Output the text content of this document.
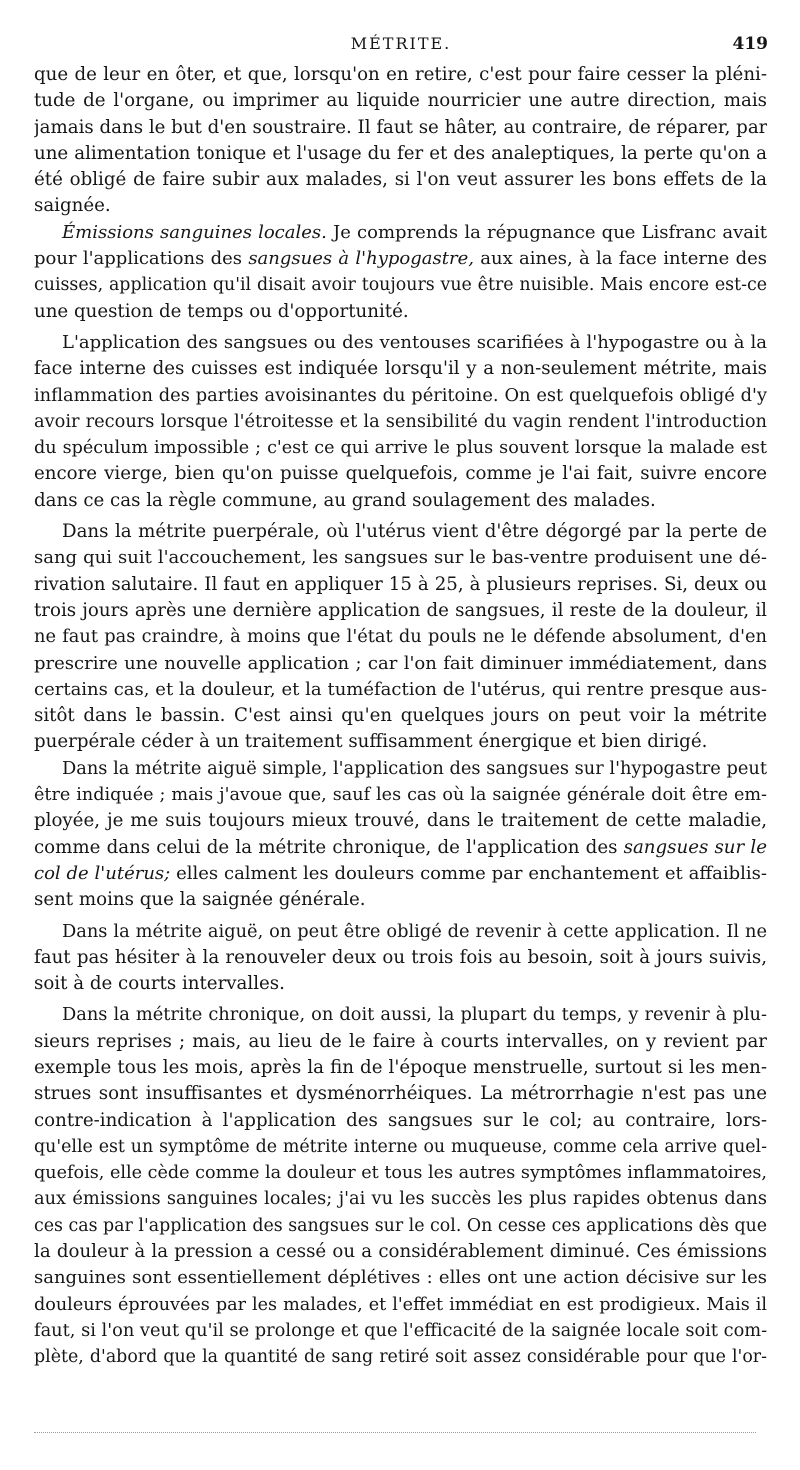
MÉTRITE.	419
que de leur en ôter, et que, lorsqu'on en retire, c'est pour faire cesser la pléni-
tude de l'organe, ou imprimer au liquide nourricier une autre direction, mais
jamais dans le but d'en soustraire. Il faut se hâter, au contraire, de réparer, par
une alimentation tonique et l'usage du fer et des analeptiques, la perte qu'on a
été obligé de faire subir aux malades, si l'on veut assurer les bons effets de la
saignée.
Émissions sanguines locales. Je comprends la répugnance que Lisfranc avait
pour l'applications des sangsues à l'hypogastre, aux aines, à la face interne des
cuisses, application qu'il disait avoir toujours vue être nuisible. Mais encore est-ce
une question de temps ou d'opportunité.
L'application des sangsues ou des ventouses scarifiées à l'hypogastre ou à la
face interne des cuisses est indiquée lorsqu'il y a non-seulement métrite, mais
inflammation des parties avoisinantes du péritoine. On est quelquefois obligé d'y
avoir recours lorsque l'étroitesse et la sensibilité du vagin rendent l'introduction
du spéculum impossible ; c'est ce qui arrive le plus souvent lorsque la malade est
encore vierge, bien qu'on puisse quelquefois, comme je l'ai fait, suivre encore
dans ce cas la règle commune, au grand soulagement des malades.
Dans la métrite puerpérale, où l'utérus vient d'être dégorgé par la perte de
sang qui suit l'accouchement, les sangsues sur le bas-ventre produisent une dé-
rivation salutaire. Il faut en appliquer 15 à 25, à plusieurs reprises. Si, deux ou
trois jours après une dernière application de sangsues, il reste de la douleur, il
ne faut pas craindre, à moins que l'état du pouls ne le défende absolument, d'en
prescrire une nouvelle application ; car l'on fait diminuer immédiatement, dans
certains cas, et la douleur, et la tuméfaction de l'utérus, qui rentre presque aus-
sitôt dans le bassin. C'est ainsi qu'en quelques jours on peut voir la métrite
puerpérale céder à un traitement suffisamment énergique et bien dirigé.
Dans la métrite aiguë simple, l'application des sangsues sur l'hypogastre peut
être indiquée ; mais j'avoue que, sauf les cas où la saignée générale doit être em-
ployée, je me suis toujours mieux trouvé, dans le traitement de cette maladie,
comme dans celui de la métrite chronique, de l'application des sangsues sur le
col de l'utérus; elles calment les douleurs comme par enchantement et affaiblis-
sent moins que la saignée générale.
Dans la métrite aiguë, on peut être obligé de revenir à cette application. Il ne
faut pas hésiter à la renouveler deux ou trois fois au besoin, soit à jours suivis,
soit à de courts intervalles.
Dans la métrite chronique, on doit aussi, la plupart du temps, y revenir à plu-
sieurs reprises ; mais, au lieu de le faire à courts intervalles, on y revient par
exemple tous les mois, après la fin de l'époque menstruelle, surtout si les men-
strues sont insuffisantes et dysménorrhéiques. La métrorrhagie n'est pas une
contre-indication à l'application des sangsues sur le col; au contraire, lors-
qu'elle est un symptôme de métrite interne ou muqueuse, comme cela arrive quel-
quefois, elle cède comme la douleur et tous les autres symptômes inflammatoires,
aux émissions sanguines locales; j'ai vu les succès les plus rapides obtenus dans
ces cas par l'application des sangsues sur le col. On cesse ces applications dès que
la douleur à la pression a cessé ou a considérablement diminué. Ces émissions
sanguines sont essentiellement déplétives : elles ont une action décisive sur les
douleurs éprouvées par les malades, et l'effet immédiat en est prodigieux. Mais il
faut, si l'on veut qu'il se prolonge et que l'efficacité de la saignée locale soit com-
plète, d'abord que la quantité de sang retiré soit assez considérable pour que l'or-
